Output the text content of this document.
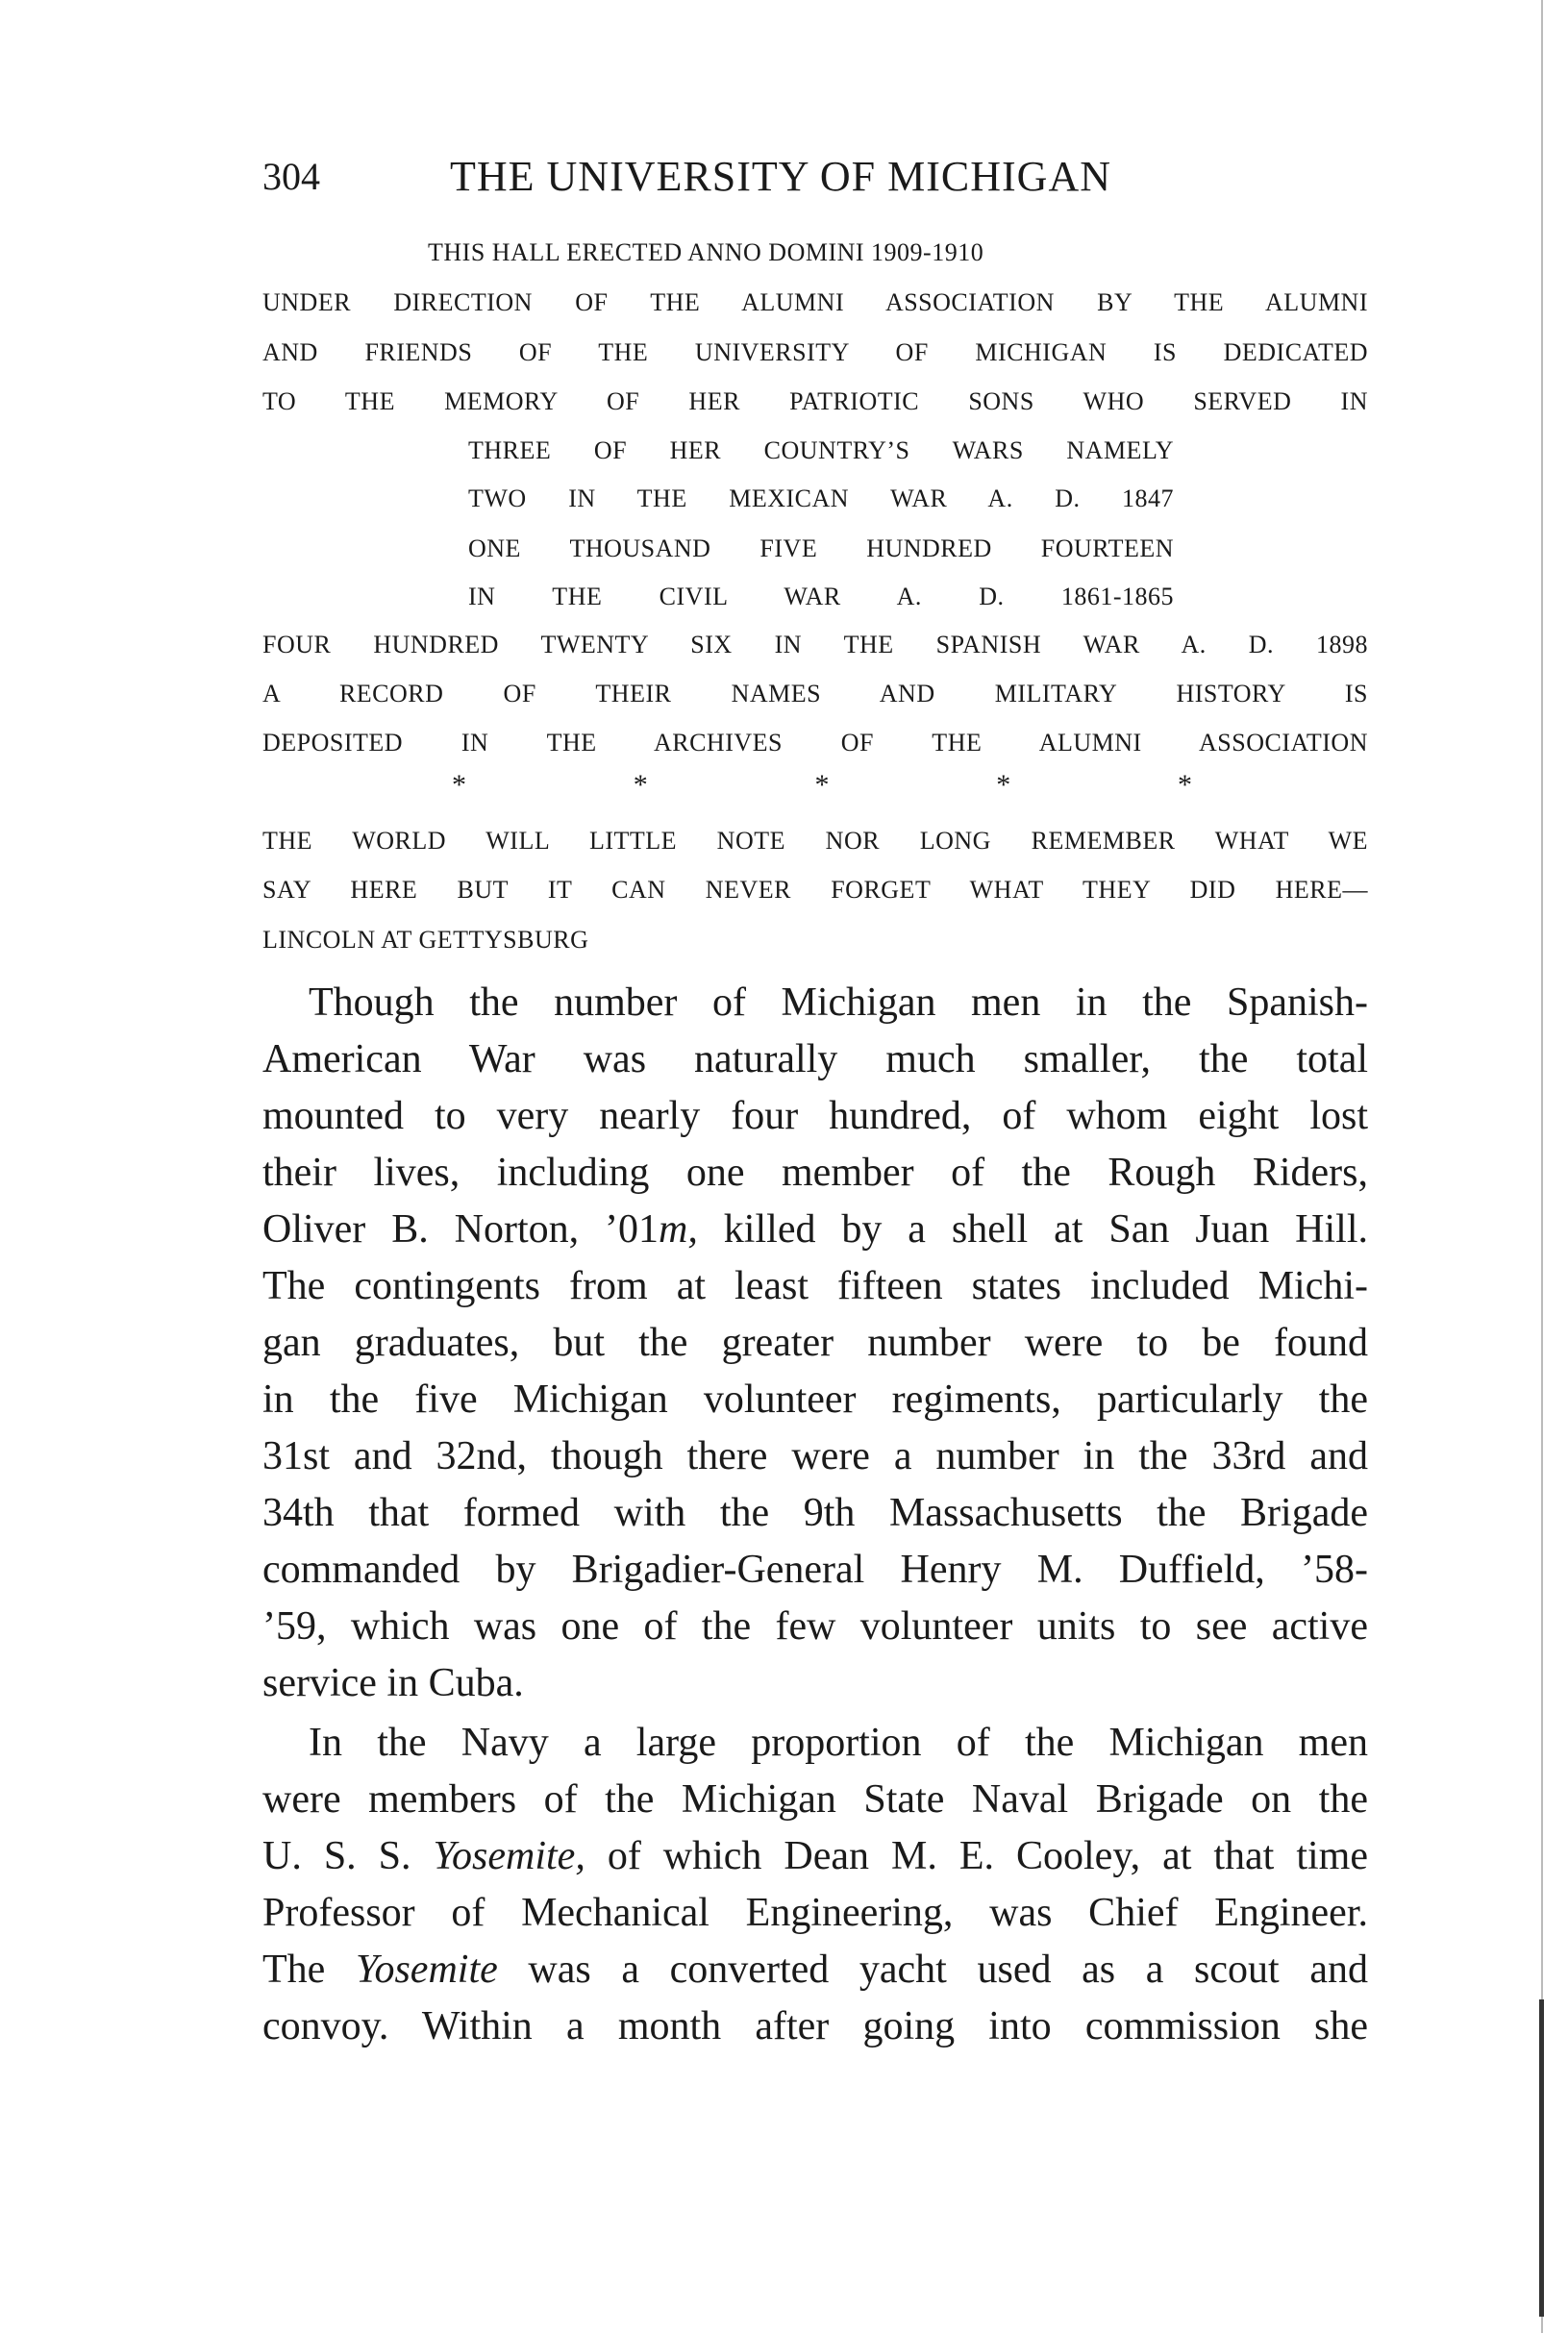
304	THE UNIVERSITY OF MICHIGAN
THIS HALL ERECTED ANNO DOMINI 1909-1910
UNDER DIRECTION OF THE ALUMNI ASSOCIATION BY THE ALUMNI
AND FRIENDS OF THE UNIVERSITY OF MICHIGAN IS DEDICATED
TO THE MEMORY OF HER PATRIOTIC SONS WHO SERVED IN
THREE OF HER COUNTRY’S WARS NAMELY
TWO IN THE MEXICAN WAR A. D. 1847
ONE THOUSAND FIVE HUNDRED FOURTEEN
IN THE CIVIL WAR A. D. 1861-1865
FOUR HUNDRED TWENTY SIX IN THE SPANISH WAR A. D. 1898
A RECORD OF THEIR NAMES AND MILITARY HISTORY IS
DEPOSITED IN THE ARCHIVES OF THE ALUMNI ASSOCIATION
*	*	*	*	*
THE WORLD WILL LITTLE NOTE NOR LONG REMEMBER WHAT WE
SAY HERE BUT IT CAN NEVER FORGET WHAT THEY DID HERE—
LINCOLN AT GETTYSBURG
Though the number of Michigan men in the Spanish-
American War was naturally much smaller, the total
mounted to very nearly four hundred, of whom eight lost
their lives, including one member of the Rough Riders,
Oliver B. Norton, ’01m, killed by a shell at San Juan Hill.
The contingents from at least fifteen states included Michi-
gan graduates, but the greater number were to be found
in the five Michigan volunteer regiments, particularly the
31st and 32nd, though there were a number in the 33rd and
34th that formed with the 9th Massachusetts the Brigade
commanded by Brigadier-General Henry M. Duffield, ’58-
’59, which was one of the few volunteer units to see active
service in Cuba.
In the Navy a large proportion of the Michigan men
were members of the Michigan State Naval Brigade on the
U. S. S. Yosemite, of which Dean M. E. Cooley, at that time
Professor of Mechanical Engineering, was Chief Engineer.
The Yosemite was a converted yacht used as a scout and
convoy. Within a month after going into commission she
